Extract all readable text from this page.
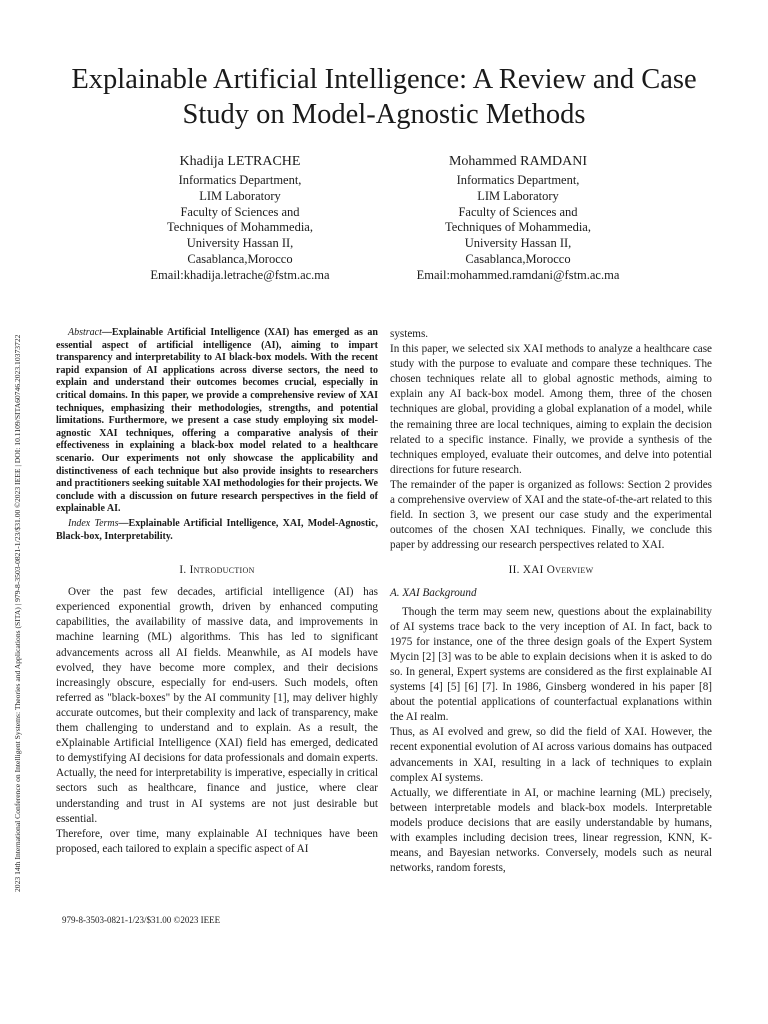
2023 14th International Conference on Intelligent Systems: Theories and Applications (SITA) | 979-8-3503-0821-1/23/$31.00 ©2023 IEEE | DOI: 10.1109/SITA60746.2023.10373722
Explainable Artificial Intelligence: A Review and Case Study on Model-Agnostic Methods
Khadija LETRACHE
Informatics Department,
LIM Laboratory
Faculty of Sciences and
Techniques of Mohammedia,
University Hassan II,
Casablanca,Morocco
Email:khadija.letrache@fstm.ac.ma
Mohammed RAMDANI
Informatics Department,
LIM Laboratory
Faculty of Sciences and
Techniques of Mohammedia,
University Hassan II,
Casablanca,Morocco
Email:mohammed.ramdani@fstm.ac.ma

Abstract—Explainable Artificial Intelligence (XAI) has emerged as an essential aspect of artificial intelligence (AI), aiming to impart transparency and interpretability to AI black-box models. With the recent rapid expansion of AI applications across diverse sectors, the need to explain and understand their outcomes becomes crucial, especially in critical domains. In this paper, we provide a comprehensive review of XAI techniques, emphasizing their methodologies, strengths, and potential limitations. Furthermore, we present a case study employing six model-agnostic XAI techniques, offering a comparative analysis of their effectiveness in explaining a black-box model related to a healthcare scenario. Our experiments not only showcase the applicability and distinctiveness of each technique but also provide insights to researchers and practitioners seeking suitable XAI methodologies for their projects. We conclude with a discussion on future research perspectives in the field of explainable AI.

Index Terms—Explainable Artificial Intelligence, XAI, Model-Agnostic, Black-box, Interpretability.

I. Introduction

Over the past few decades, artificial intelligence (AI) has experienced exponential growth, driven by enhanced computing capabilities, the availability of massive data, and improvements in machine learning (ML) algorithms. This has led to significant advancements across all AI fields. Meanwhile, as AI models have evolved, they have become more complex, and their decisions increasingly obscure, especially for end-users. Such models, often referred as "black-boxes" by the AI community [1], may deliver highly accurate outcomes, but their complexity and lack of transparency, make them challenging to understand and to explain. As a result, the eXplainable Artificial Intelligence (XAI) field has emerged, dedicated to demystifying AI decisions for data professionals and domain experts. Actually, the need for interpretability is imperative, especially in critical sectors such as healthcare, finance and justice, where clear understanding and trust in AI systems are not just desirable but essential.

Therefore, over time, many explainable AI techniques have been proposed, each tailored to explain a specific aspect of AI

systems.

In this paper, we selected six XAI methods to analyze a healthcare case study with the purpose to evaluate and compare these techniques. The chosen techniques relate all to global agnostic methods, aiming to explain any AI back-box model. Among them, three of the chosen techniques are global, providing a global explanation of a model, while the remaining three are local techniques, aiming to explain the decision related to a specific instance. Finally, we provide a synthesis of the techniques employed, evaluate their outcomes, and delve into potential directions for future research.

The remainder of the paper is organized as follows: Section 2 provides a comprehensive overview of XAI and the state-of-the-art related to this field. In section 3, we present our case study and the experimental outcomes of the chosen XAI techniques. Finally, we conclude this paper by addressing our research perspectives related to XAI.

II. XAI Overview
A. XAI Background

Though the term may seem new, questions about the explainability of AI systems trace back to the very inception of AI. In fact, back to 1975 for instance, one of the three design goals of the Expert System Mycin [2] [3] was to be able to explain decisions when it is asked to do so. In general, Expert systems are considered as the first explainable AI systems [4] [5] [6] [7]. In 1986, Ginsberg wondered in his paper [8] about the potential applications of counterfactual explanations within the AI realm.

Thus, as AI evolved and grew, so did the field of XAI. However, the recent exponential evolution of AI across various domains has outpaced advancements in XAI, resulting in a lack of techniques to explain complex AI systems.

Actually, we differentiate in AI, or machine learning (ML) precisely, between interpretable models and black-box models. Interpretable models produce decisions that are easily understandable by humans, with examples including decision trees, linear regression, KNN, K-means, and Bayesian networks. Conversely, models such as neural networks, random forests,

979-8-3503-0821-1/23/$31.00 ©2023 IEEE
